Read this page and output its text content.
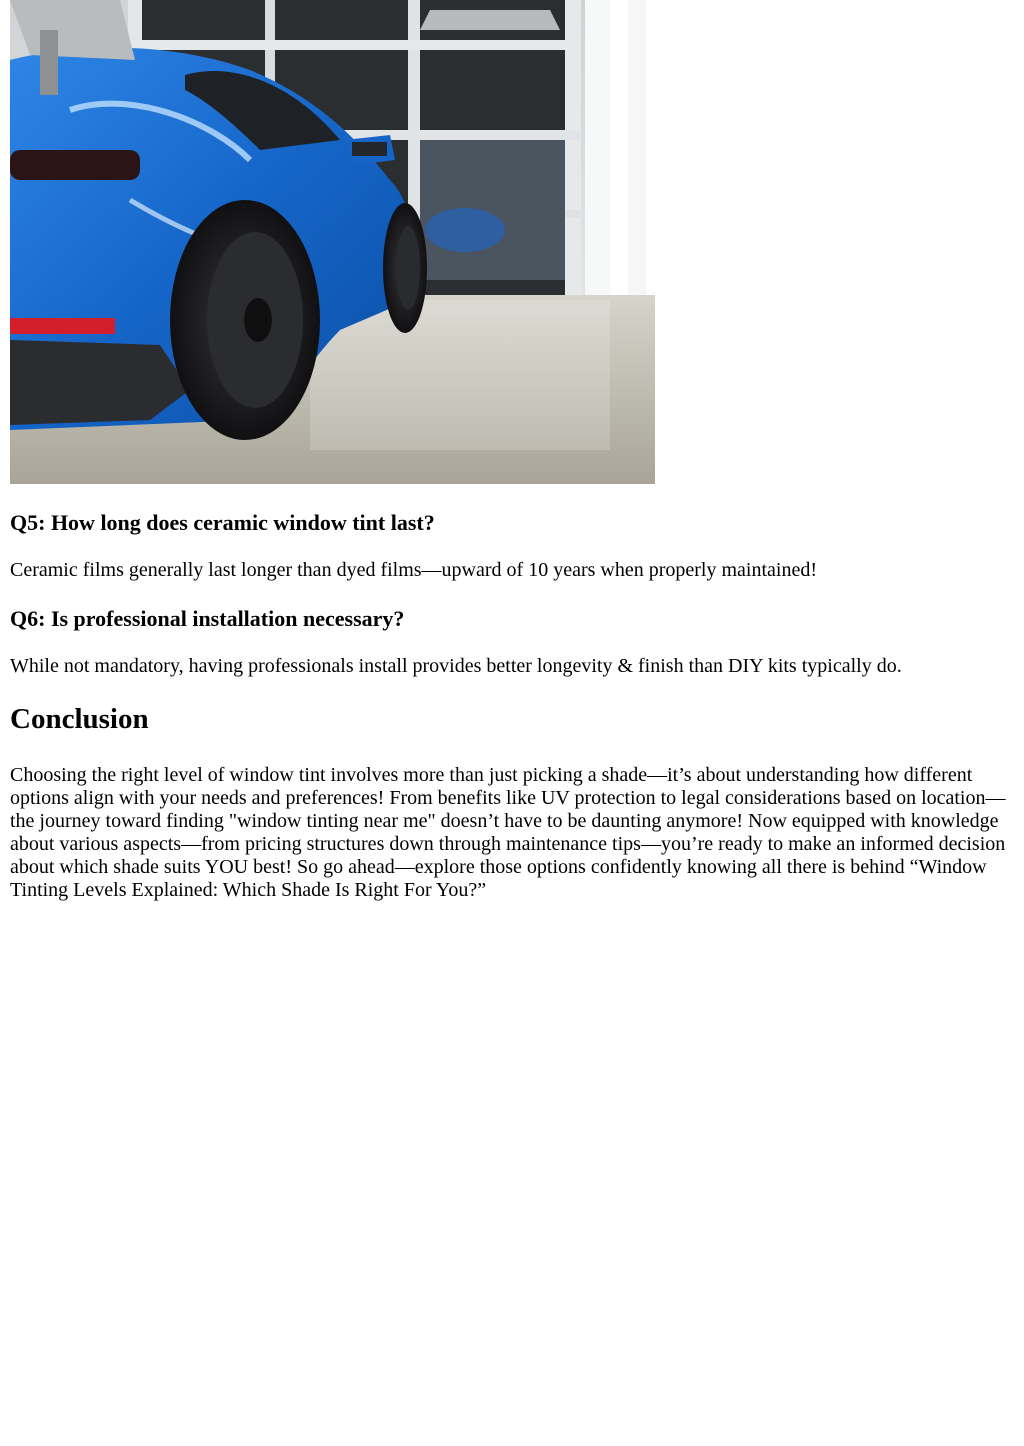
Q5: How long does ceramic window tint last?

Ceramic films generally last longer than dyed films—upward of 10 years when properly maintained!

Q6: Is professional installation necessary?

While not mandatory, having professionals install provides better longevity & finish than DIY kits typically do.

Conclusion

Choosing the right level of window tint involves more than just picking a shade—it’s about understanding how different options align with your needs and preferences! From benefits like UV protection to legal considerations based on location—the journey toward finding "window tinting near me" doesn’t have to be daunting anymore! Now equipped with knowledge about various aspects—from pricing structures down through maintenance tips—you’re ready to make an informed decision about which shade suits YOU best! So go ahead—explore those options confidently knowing all there is behind “Window Tinting Levels Explained: Which Shade Is Right For You?”
